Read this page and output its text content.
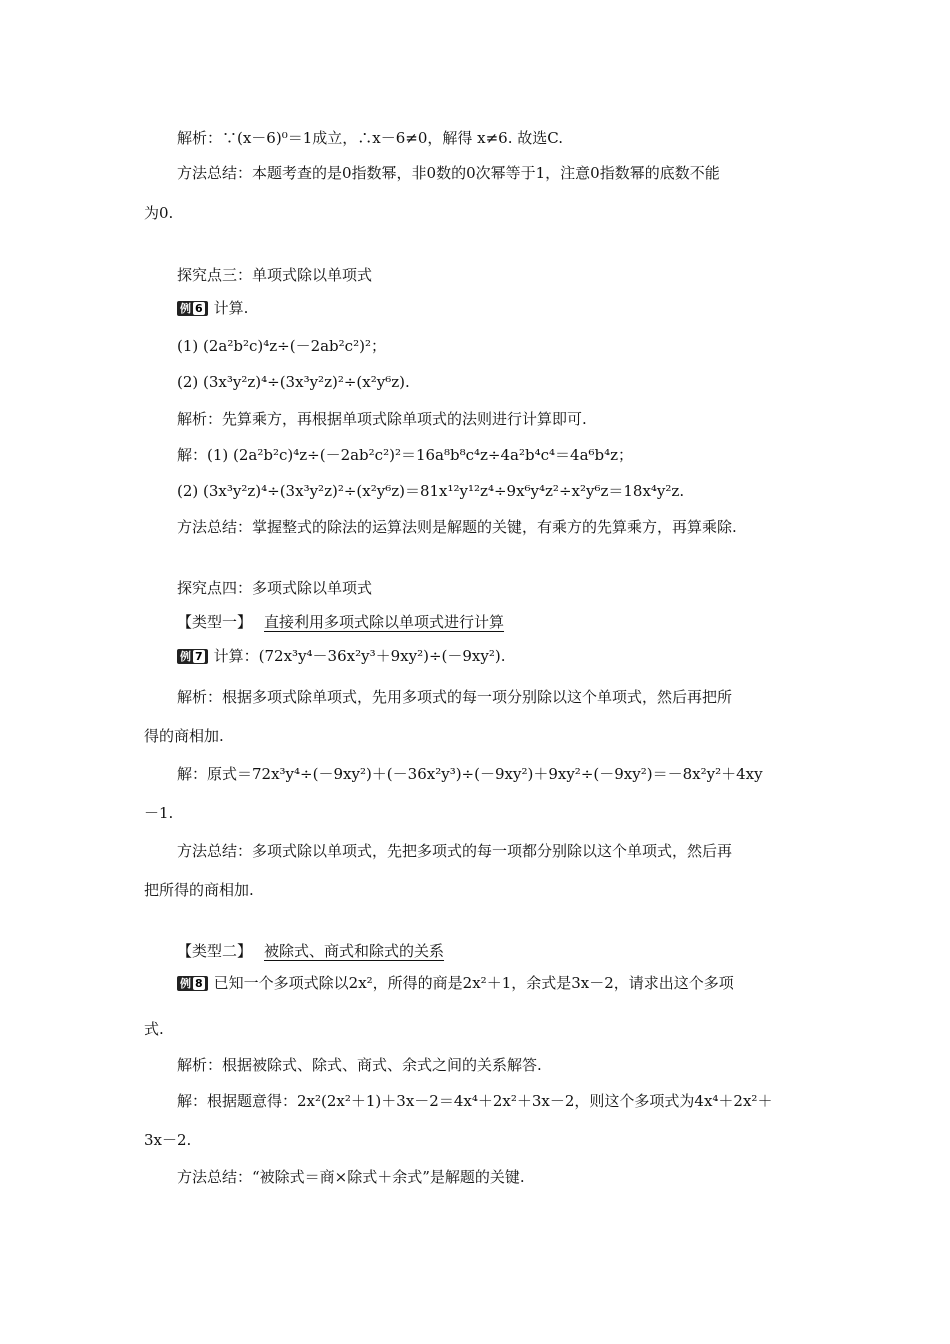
解析：∵(x－6)⁰＝1成立，∴x－6≠0，解得 x≠6. 故选C.
方法总结：本题考查的是0指数幂，非0数的0次幂等于1，注意0指数幂的底数不能
为0.
探究点三：单项式除以单项式
例 6 计算.
(1) (2a²b²c)⁴z÷(－2ab²c²)²；
(2) (3x³y²z)⁴÷(3x³y²z)²÷(x²y⁶z).
解析：先算乘方，再根据单项式除单项式的法则进行计算即可.
解：(1) (2a²b²c)⁴z÷(－2ab²c²)²＝16a⁸b⁸c⁴z÷4a²b⁴c⁴＝4a⁶b⁴z；
(2) (3x³y²z)⁴÷(3x³y²z)²÷(x²y⁶z)＝81x¹²y¹²z⁴÷9x⁶y⁴z²÷x²y⁶z＝18x⁴y²z.
方法总结：掌握整式的除法的运算法则是解题的关键，有乘方的先算乘方，再算乘除.
探究点四：多项式除以单项式
【类型一】 直接利用多项式除以单项式进行计算
例 7 计算：(72x³y⁴－36x²y³＋9xy²)÷(－9xy²).
解析：根据多项式除单项式，先用多项式的每一项分别除以这个单项式，然后再把所
得的商相加.
解：原式＝72x³y⁴÷(－9xy²)＋(－36x²y³)÷(－9xy²)＋9xy²÷(－9xy²)＝－8x²y²＋4xy
－1.
方法总结：多项式除以单项式，先把多项式的每一项都分别除以这个单项式，然后再
把所得的商相加.
【类型二】 被除式、商式和除式的关系
例 8 已知一个多项式除以2x²，所得的商是2x²＋1，余式是3x－2，请求出这个多项
式.
解析：根据被除式、除式、商式、余式之间的关系解答.
解：根据题意得：2x²(2x²＋1)＋3x－2＝4x⁴＋2x²＋3x－2，则这个多项式为4x⁴＋2x²＋
3x－2.
方法总结：“被除式＝商×除式＋余式”是解题的关键.
